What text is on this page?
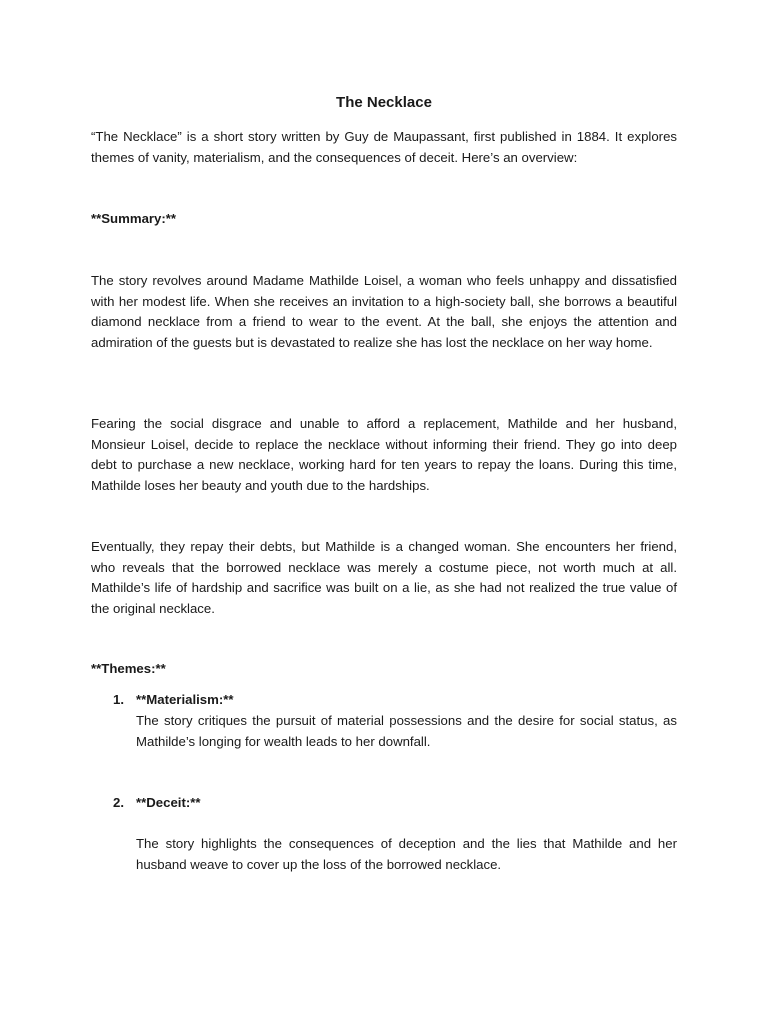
The Necklace

“The Necklace” is a short story written by Guy de Maupassant, first published in 1884. It explores themes of vanity, materialism, and the consequences of deceit. Here’s an overview:

**Summary:**

The story revolves around Madame Mathilde Loisel, a woman who feels unhappy and dissatisfied with her modest life. When she receives an invitation to a high-society ball, she borrows a beautiful diamond necklace from a friend to wear to the event. At the ball, she enjoys the attention and admiration of the guests but is devastated to realize she has lost the necklace on her way home.

Fearing the social disgrace and unable to afford a replacement, Mathilde and her husband, Monsieur Loisel, decide to replace the necklace without informing their friend. They go into deep debt to purchase a new necklace, working hard for ten years to repay the loans. During this time, Mathilde loses her beauty and youth due to the hardships.

Eventually, they repay their debts, but Mathilde is a changed woman. She encounters her friend, who reveals that the borrowed necklace was merely a costume piece, not worth much at all. Mathilde’s life of hardship and sacrifice was built on a lie, as she had not realized the true value of the original necklace.

**Themes:**
1. **Materialism:**

The story critiques the pursuit of material possessions and the desire for social status, as Mathilde’s longing for wealth leads to her downfall.

2. **Deceit:**

The story highlights the consequences of deception and the lies that Mathilde and her husband weave to cover up the loss of the borrowed necklace.
